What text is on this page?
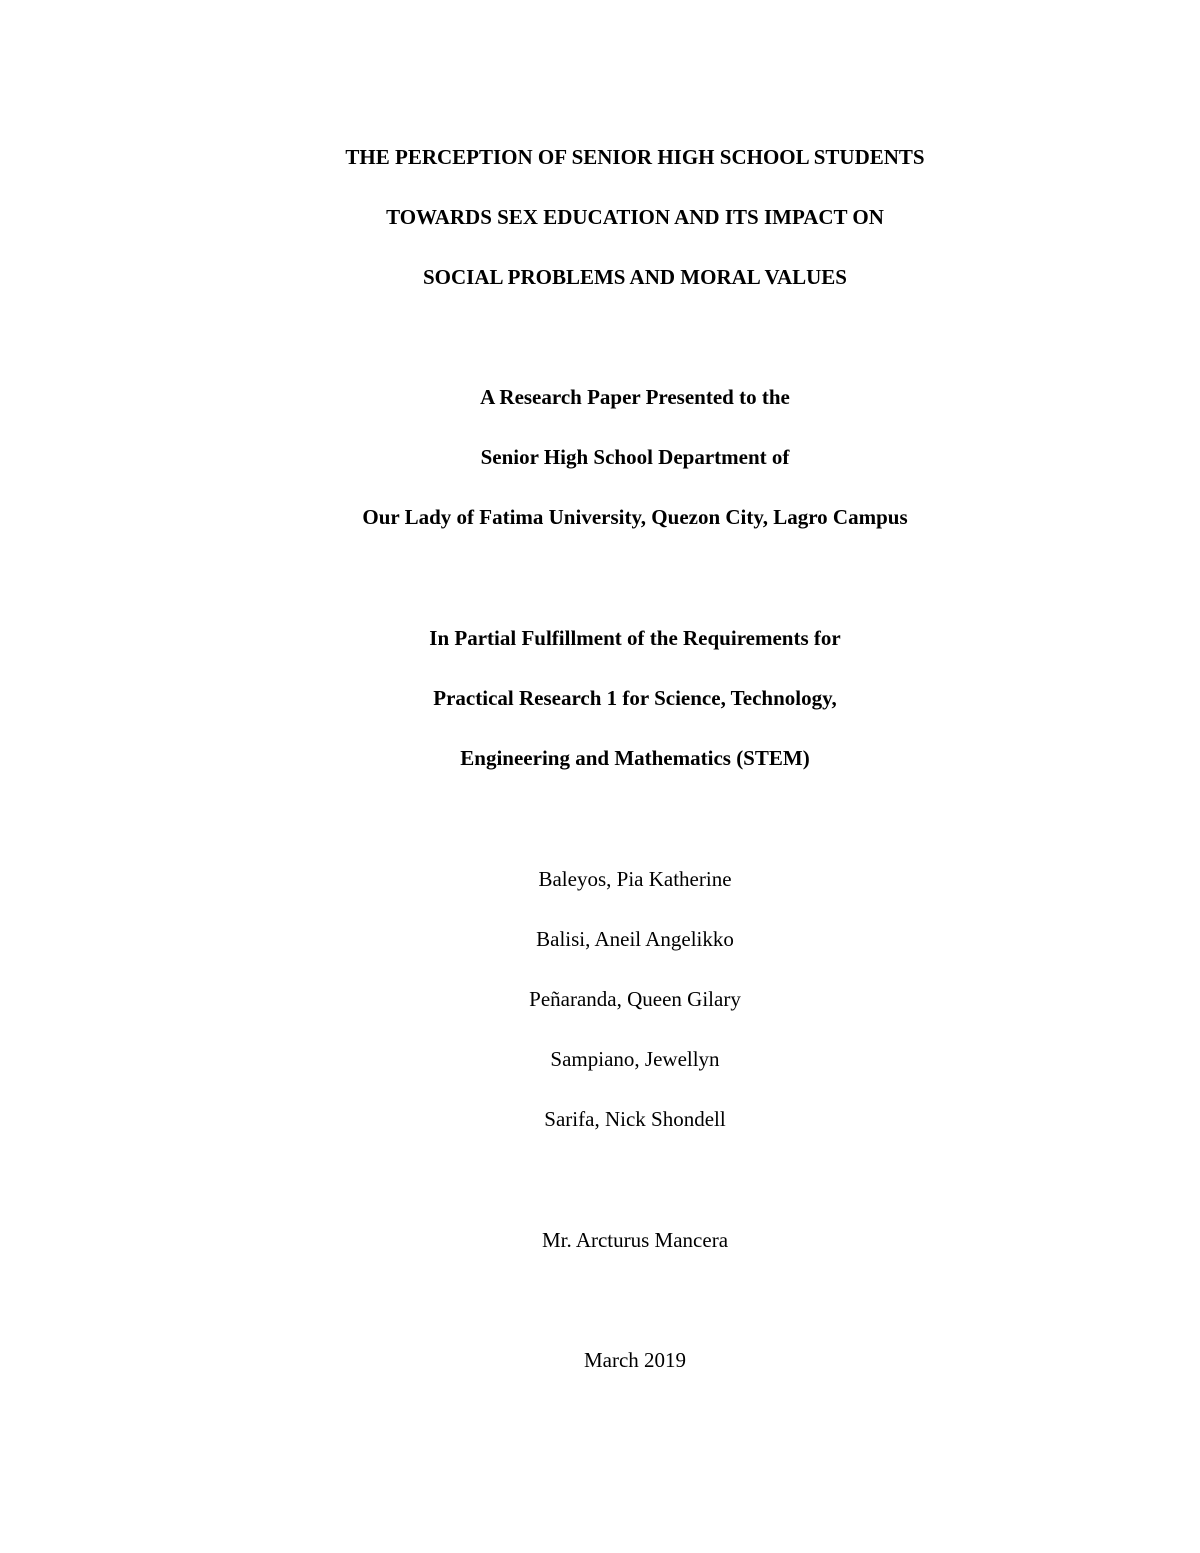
THE PERCEPTION OF SENIOR HIGH SCHOOL STUDENTS
TOWARDS SEX EDUCATION AND ITS IMPACT ON
SOCIAL PROBLEMS AND MORAL VALUES
A Research Paper Presented to the
Senior High School Department of
Our Lady of Fatima University, Quezon City, Lagro Campus
In Partial Fulfillment of the Requirements for
Practical Research 1 for Science, Technology,
Engineering and Mathematics (STEM)
Baleyos, Pia Katherine
Balisi, Aneil Angelikko
Peñaranda, Queen Gilary
Sampiano, Jewellyn
Sarifa, Nick Shondell
Mr. Arcturus Mancera
March 2019
